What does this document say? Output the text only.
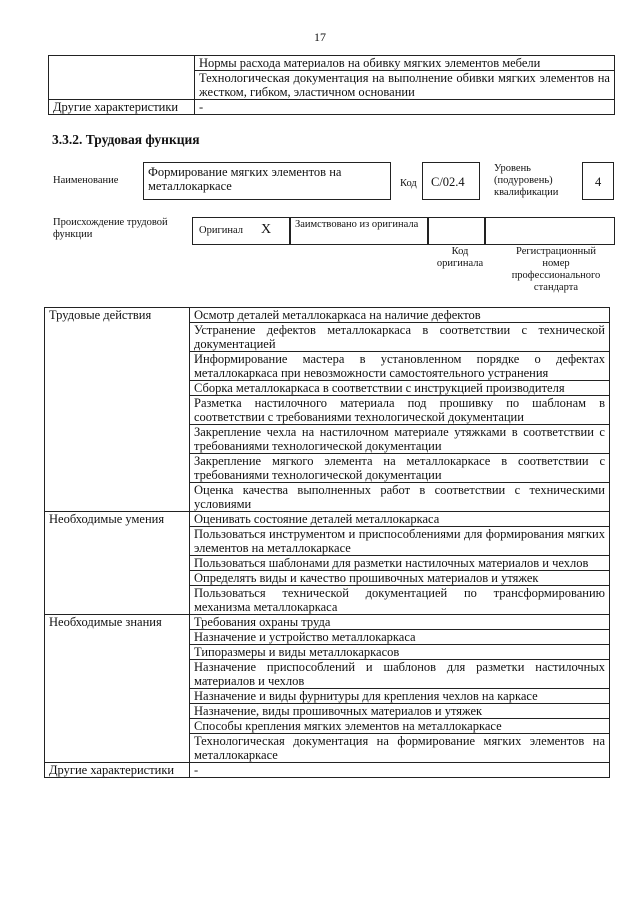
17
	Нормы расхода материалов на обивку мягких элементов мебели
	Технологическая документация на выполнение обивки мягких элементов на жестком, гибком, эластичном основании
Другие характеристики	-
3.3.2. Трудовая функция
Наименование
Формирование мягких элементов на металлокаркасе	Код	C/02.4
Уровень (подуровень) квалификации
4
Происхождение трудовой функции	Оригинал X	Заимствовано из оригинала
Код оригинала
Регистрационный номер профессионального стандарта
Трудовые действия	Осмотр деталей металлокаркаса на наличие дефектов
	Устранение дефектов металлокаркаса в соответствии с технической документацией
	Информирование мастера в установленном порядке о дефектах металлокаркаса при невозможности самостоятельного устранения
	Сборка металлокаркаса в соответствии с инструкцией производителя
	Разметка настилочного материала под прошивку по шаблонам в соответствии с требованиями технологической документации
	Закрепление чехла на настилочном материале утяжками в соответствии с требованиями технологической документации
	Закрепление мягкого элемента на металлокаркасе в соответствии с требованиями технологической документации
	Оценка качества выполненных работ в соответствии с техническими условиями
Необходимые умения	Оценивать состояние деталей металлокаркаса
	Пользоваться инструментом и приспособлениями для формирования мягких элементов на металлокаркасе
	Пользоваться шаблонами для разметки настилочных материалов и чехлов
	Определять виды и качество прошивочных материалов и утяжек
	Пользоваться технической документацией по трансформированию механизма металлокаркаса
Необходимые знания	Требования охраны труда
	Назначение и устройство металлокаркаса
	Типоразмеры и виды металлокаркасов
	Назначение приспособлений и шаблонов для разметки настилочных материалов и чехлов
	Назначение и виды фурнитуры для крепления чехлов на каркасе
	Назначение, виды прошивочных материалов и утяжек
	Способы крепления мягких элементов на металлокаркасе
	Технологическая документация на формирование мягких элементов на металлокаркасе
Другие характеристики	-
